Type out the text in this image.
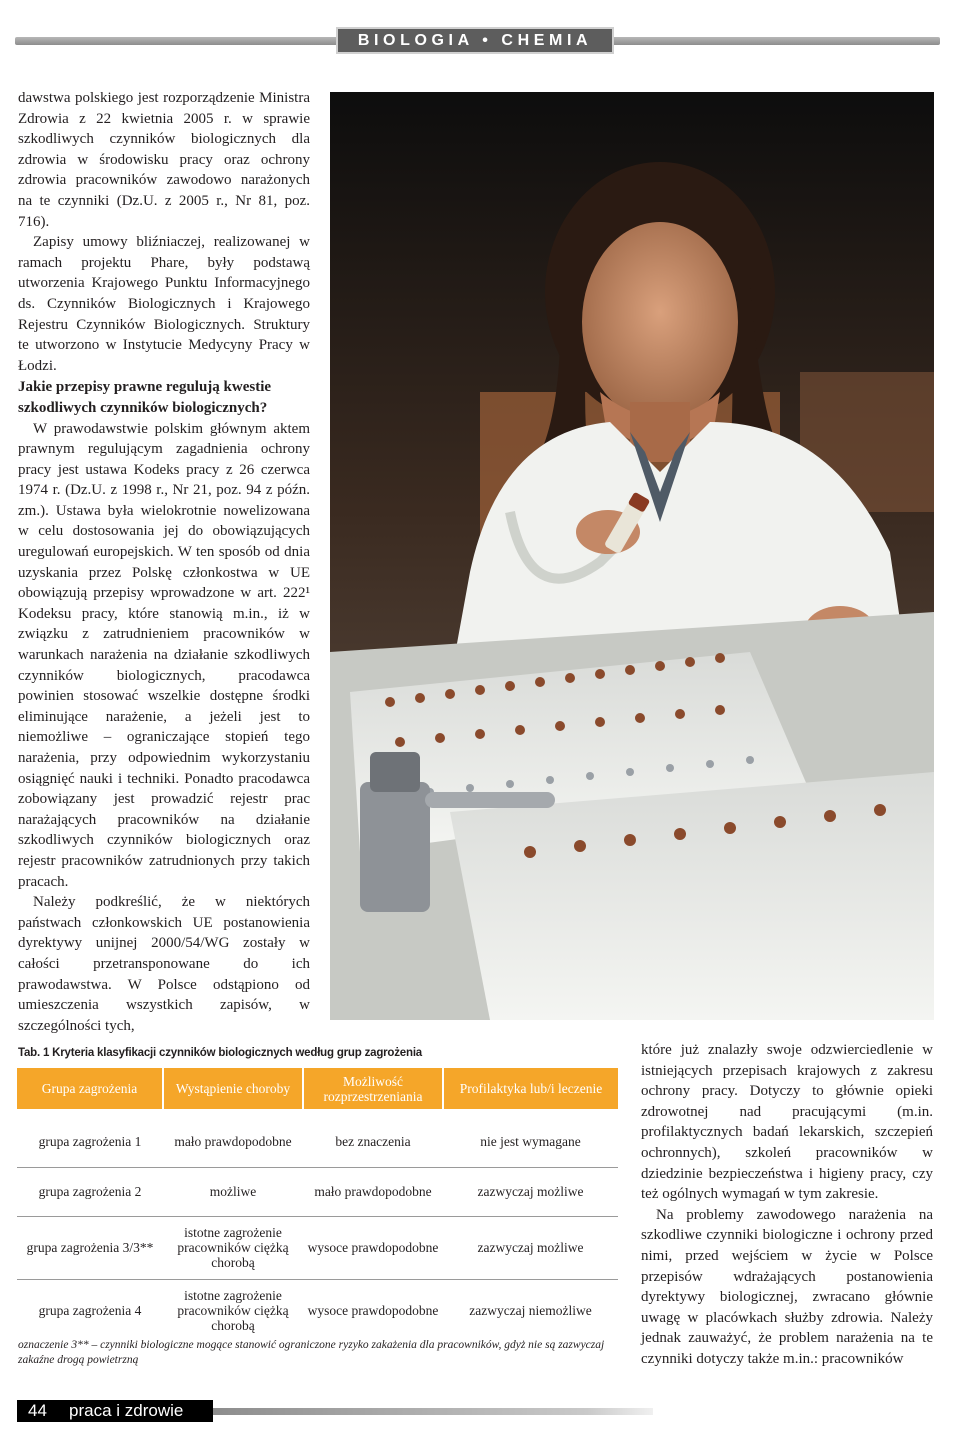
BIOLOGIA • CHEMIA

dawstwa polskiego jest rozporządzenie Ministra Zdrowia z 22 kwietnia 2005 r. w sprawie szkodliwych czynników biologicznych dla zdrowia w środowisku pracy oraz ochrony zdrowia pracowników zawodowo narażonych na te czynniki (Dz.U. z 2005 r., Nr 81, poz. 716).

Zapisy umowy bliźniaczej, realizowanej w ramach projektu Phare, były podstawą utworzenia Krajowego Punktu Informacyjnego ds. Czynników Biologicznych i Krajowego Rejestru Czynników Biologicznych. Struktury te utworzono w Instytucie Medycyny Pracy w Łodzi.

Jakie przepisy prawne regulują kwestie szkodliwych czynników biologicznych?

W prawodawstwie polskim głównym aktem prawnym regulującym zagadnienia ochrony pracy jest ustawa Kodeks pracy z 26 czerwca 1974 r. (Dz.U. z 1998 r., Nr 21, poz. 94 z późn. zm.). Ustawa była wielokrotnie nowelizowana w celu dostosowania jej do obowiązujących uregulowań europejskich. W ten sposób od dnia uzyskania przez Polskę członkostwa w UE obowiązują przepisy wprowadzone w art. 222¹ Kodeksu pracy, które stanowią m.in., iż w związku z zatrudnieniem pracowników w warunkach narażenia na działanie szkodliwych czynników biologicznych, pracodawca powinien stosować wszelkie dostępne środki eliminujące narażenie, a jeżeli jest to niemożliwe – ograniczające stopień tego narażenia, przy odpowiednim wykorzystaniu osiągnięć nauki i techniki. Ponadto pracodawca zobowiązany jest prowadzić rejestr prac narażających pracowników na działanie szkodliwych czynników biologicznych oraz rejestr pracowników zatrudnionych przy takich pracach.

Należy podkreślić, że w niektórych państwach członkowskich UE postanowienia dyrektywy unijnej 2000/54/WG zostały w całości przetransponowane do ich prawodawstwa. W Polsce odstąpiono od umieszczenia wszystkich zapisów, w szczególności tych,

Tab. 1 Kryteria klasyfikacji czynników biologicznych według grup zagrożenia
Grupa zagrożenia	Wystąpienie choroby	Możliwość rozprzestrzeniania	Profilaktyka lub/i leczenie

grupa zagrożenia 1	mało prawdopodobne	bez znaczenia	nie jest wymagane
grupa zagrożenia 2	możliwe	mało prawdopodobne	zazwyczaj możliwe
grupa zagrożenia 3/3**	istotne zagrożenie pracowników ciężką chorobą	wysoce prawdopodobne	zazwyczaj możliwe
grupa zagrożenia 4	istotne zagrożenie pracowników ciężką chorobą	wysoce prawdopodobne	zazwyczaj niemożliwe
oznaczenie 3** – czynniki biologiczne mogące stanowić ograniczone ryzyko zakażenia dla pracowników, gdyż nie są zazwyczaj zakaźne drogą powietrzną

które już znalazły swoje odzwierciedlenie w istniejących przepisach krajowych z zakresu ochrony pracy. Dotyczy to głównie opieki zdrowotnej nad pracującymi (m.in. profilaktycznych badań lekarskich, szczepień ochronnych), szkoleń pracowników w dziedzinie bezpieczeństwa i higieny pracy, czy też ogólnych wymagań w tym zakresie.

Na problemy zawodowego narażenia na szkodliwe czynniki biologiczne i ochrony przed nimi, przed wejściem w życie w Polsce przepisów wdrażających postanowienia dyrektywy biologicznej, zwracano głównie uwagę w placówkach służby zdrowia. Należy jednak zauważyć, że problem narażenia na te czynniki dotyczy także m.in.: pracowników

44 praca i zdrowie
